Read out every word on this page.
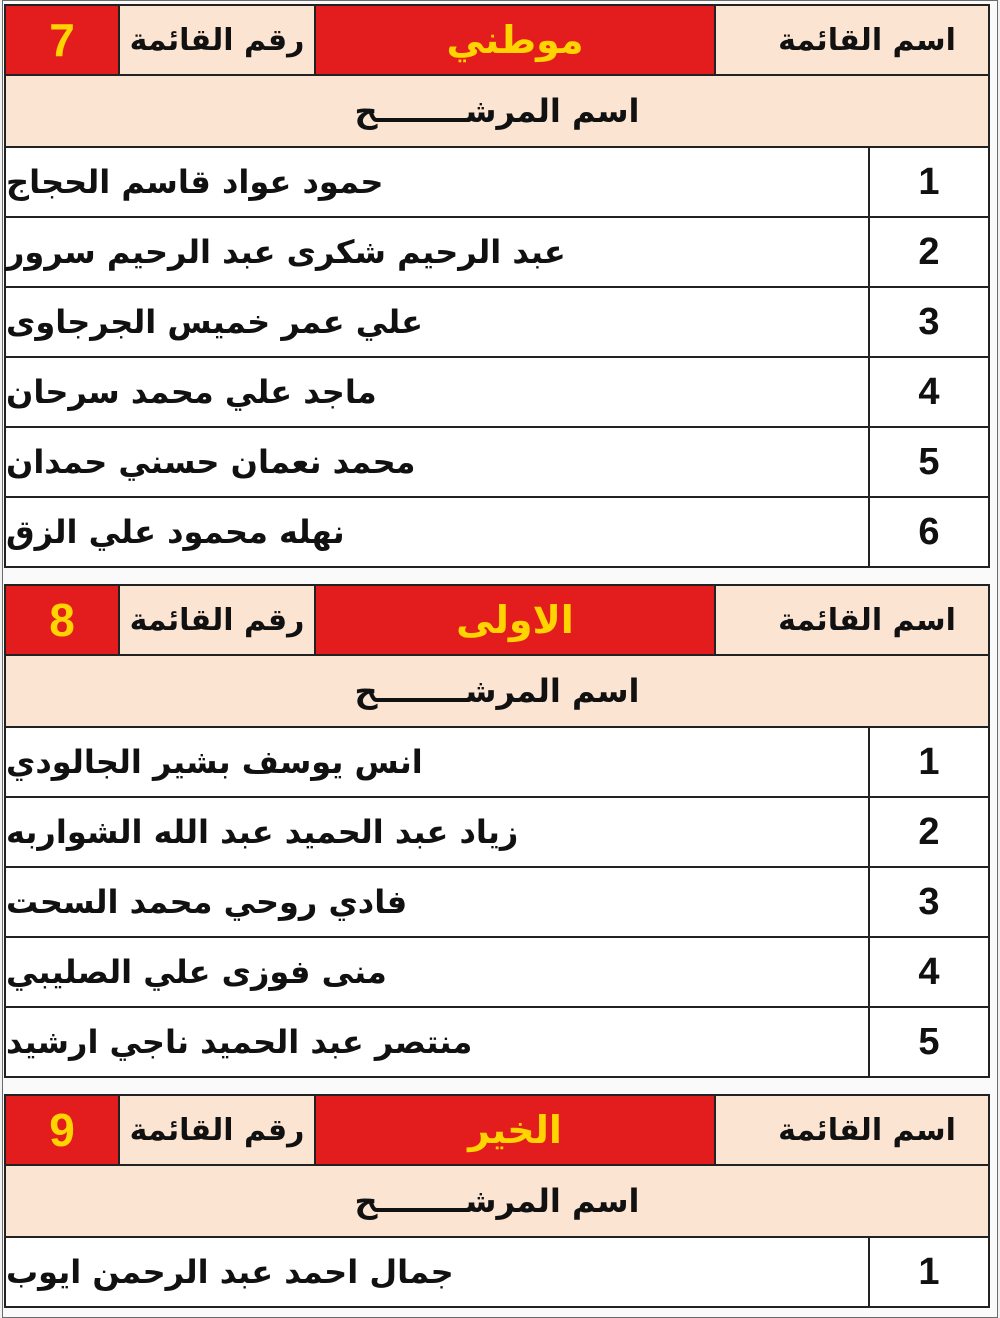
7	رقم القائمة	موطني	اسم القائمة
اسم المرشــــــــح
حمود عواد قاسم الحجاج	1
عبد الرحيم شكرى عبد الرحيم سرور	2
علي عمر خميس الجرجاوى	3
ماجد علي محمد سرحان	4
محمد نعمان حسني حمدان	5
نهله محمود علي الزق	6
8	رقم القائمة	الاولى	اسم القائمة
اسم المرشــــــــح
انس يوسف بشير الجالودي	1
زياد عبد الحميد عبد الله الشواربه	2
فادي روحي محمد السحت	3
منى فوزى علي الصليبي	4
منتصر عبد الحميد ناجي ارشيد	5
9	رقم القائمة	الخير	اسم القائمة
اسم المرشــــــــح
جمال احمد عبد الرحمن ايوب	1
